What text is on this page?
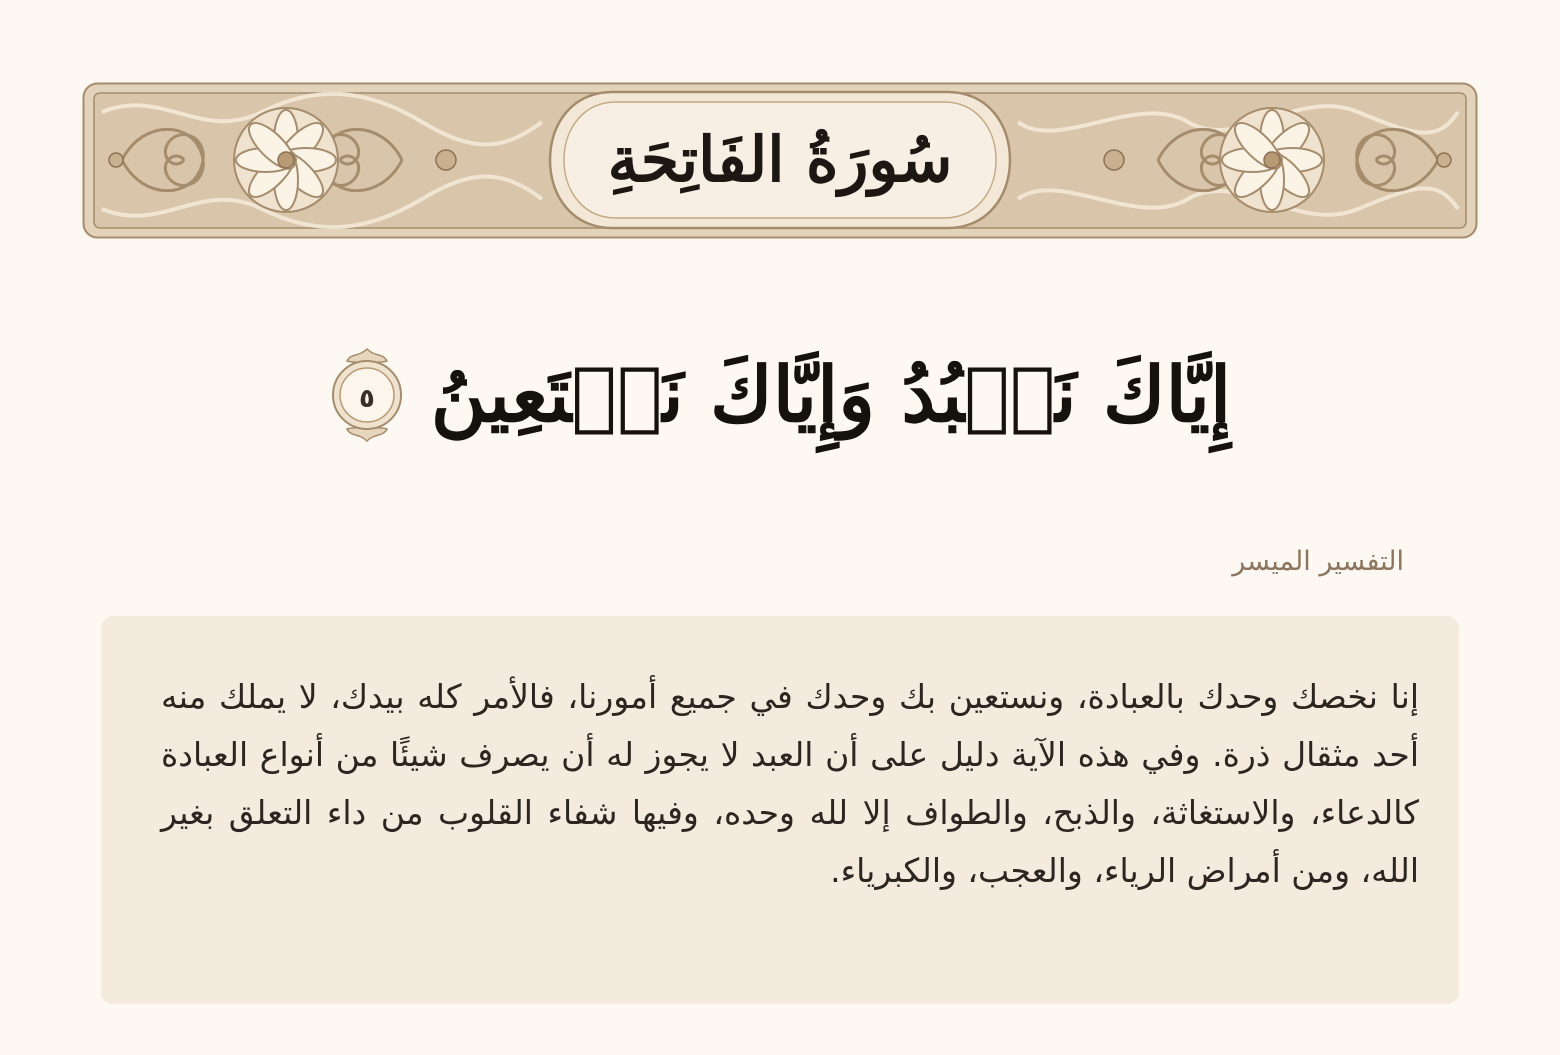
سُورَةُ الفَاتِحَةِ
إِيَّاكَ نَعۡبُدُ وَإِيَّاكَ نَسۡتَعِينُ
٥
التفسير الميسر
إنا نخصك وحدك بالعبادة، ونستعين بك وحدك في جميع أمورنا، فالأمر كله بيدك، لا يملك منه أحد مثقال ذرة. وفي هذه الآية دليل على أن العبد لا يجوز له أن يصرف شيئًا من أنواع العبادة كالدعاء، والاستغاثة، والذبح، والطواف إلا لله وحده، وفيها شفاء القلوب من داء التعلق بغير الله، ومن أمراض الرياء، والعجب، والكبرياء.
